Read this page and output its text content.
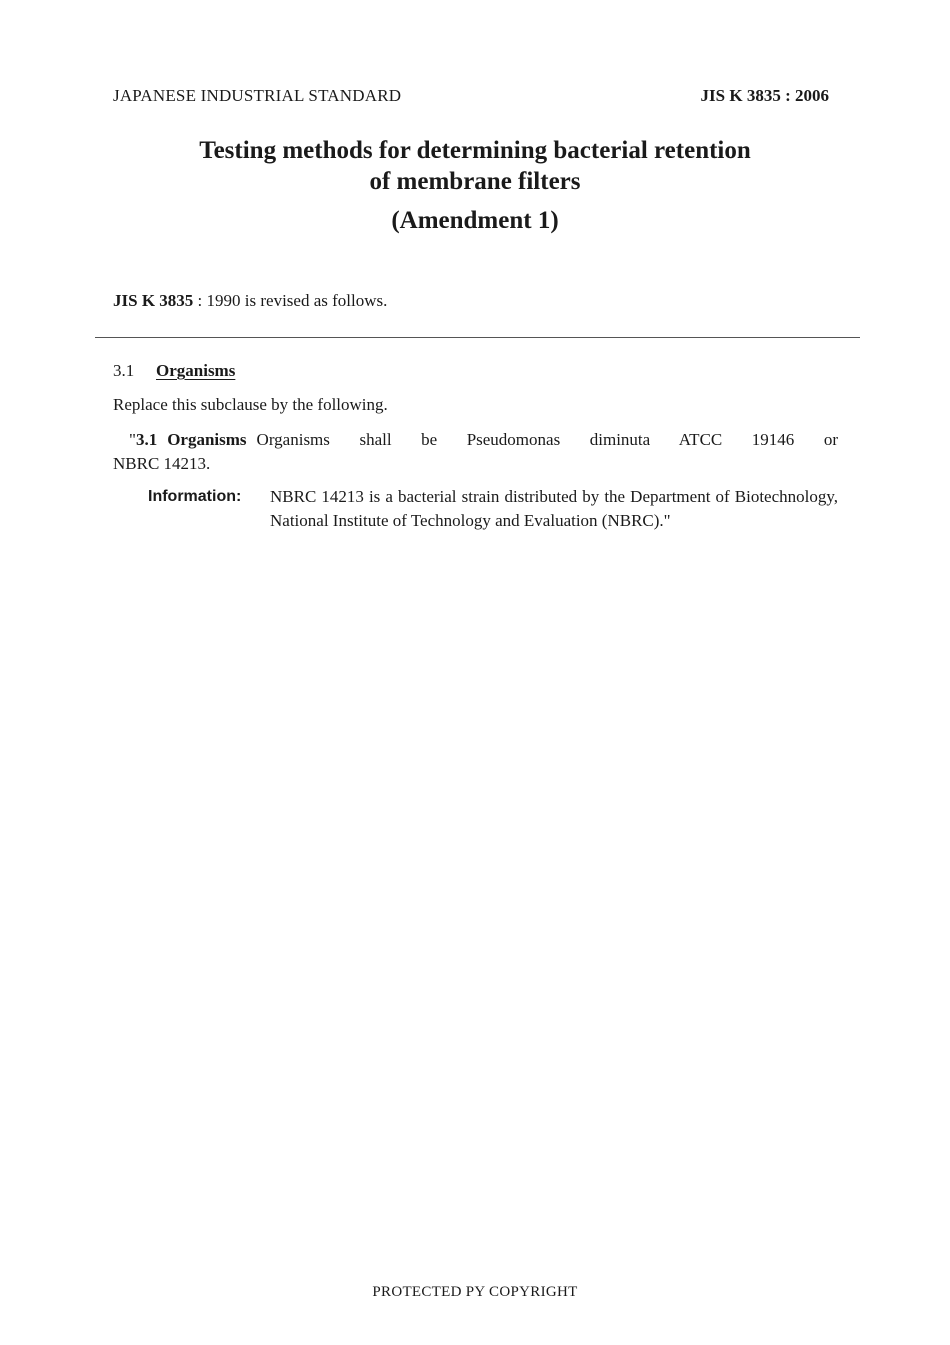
JAPANESE INDUSTRIAL STANDARD	JIS K 3835 : 2006
Testing methods for determining bacterial retention
of membrane filters
(Amendment 1)
JIS K 3835 : 1990 is revised as follows.
3.1 Organisms
Replace this subclause by the following.
"3.1 Organisms Organisms shall be Pseudomonas diminuta ATCC 19146 or
NBRC 14213.
Information: NBRC 14213 is a bacterial strain distributed by the Department of Biotechnology, National Institute of Technology and Evaluation (NBRC)."
PROTECTED PY COPYRIGHT
